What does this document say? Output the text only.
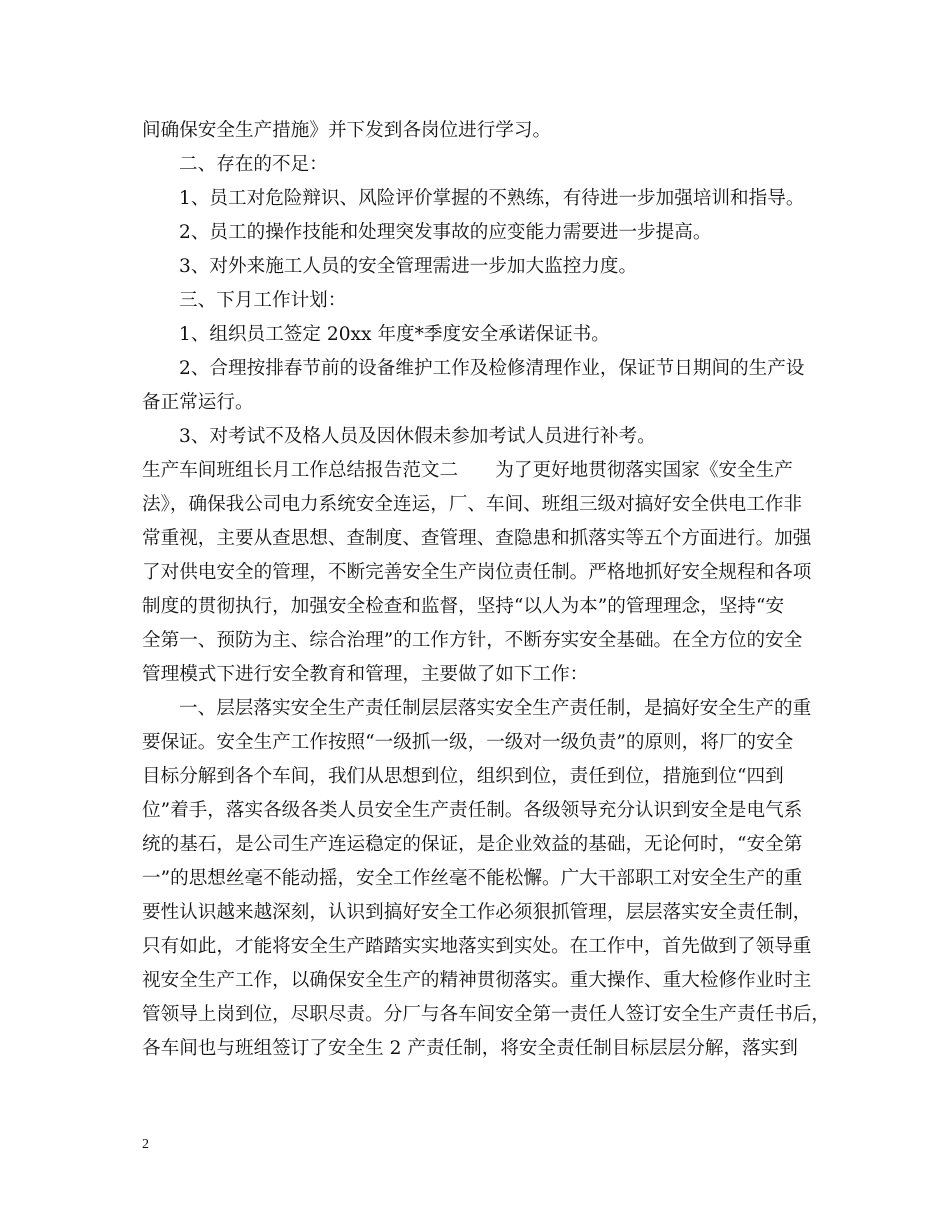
间确保安全生产措施》并下发到各岗位进行学习。
二、存在的不足：
1、员工对危险辩识、风险评价掌握的不熟练，有待进一步加强培训和指导。
2、员工的操作技能和处理突发事故的应变能力需要进一步提高。
3、对外来施工人员的安全管理需进一步加大监控力度。
三、下月工作计划：
1、组织员工签定 20xx 年度*季度安全承诺保证书。
2、合理按排春节前的设备维护工作及检修清理作业，保证节日期间的生产设
备正常运行。
3、对考试不及格人员及因休假未参加考试人员进行补考。
生产车间班组长月工作总结报告范文二　　为了更好地贯彻落实国家《安全生产
法》，确保我公司电力系统安全连运，厂、车间、班组三级对搞好安全供电工作非
常重视，主要从查思想、查制度、查管理、查隐患和抓落实等五个方面进行。加强
了对供电安全的管理，不断完善安全生产岗位责任制。严格地抓好安全规程和各项
制度的贯彻执行，加强安全检查和监督，坚持“以人为本”的管理理念，坚持“安
全第一、预防为主、综合治理”的工作方针，不断夯实安全基础。在全方位的安全
管理模式下进行安全教育和管理，主要做了如下工作：
一、层层落实安全生产责任制层层落实安全生产责任制，是搞好安全生产的重
要保证。安全生产工作按照“一级抓一级，一级对一级负责”的原则，将厂的安全
目标分解到各个车间，我们从思想到位，组织到位，责任到位，措施到位“四到
位”着手，落实各级各类人员安全生产责任制。各级领导充分认识到安全是电气系
统的基石，是公司生产连运稳定的保证，是企业效益的基础，无论何时，“安全第
一”的思想丝毫不能动摇，安全工作丝毫不能松懈。广大干部职工对安全生产的重
要性认识越来越深刻，认识到搞好安全工作必须狠抓管理，层层落实安全责任制，
只有如此，才能将安全生产踏踏实实地落实到实处。在工作中，首先做到了领导重
视安全生产工作，以确保安全生产的精神贯彻落实。重大操作、重大检修作业时主
管领导上岗到位，尽职尽责。分厂与各车间安全第一责任人签订安全生产责任书后，
各车间也与班组签订了安全生 2 产责任制，将安全责任制目标层层分解，落实到
2
